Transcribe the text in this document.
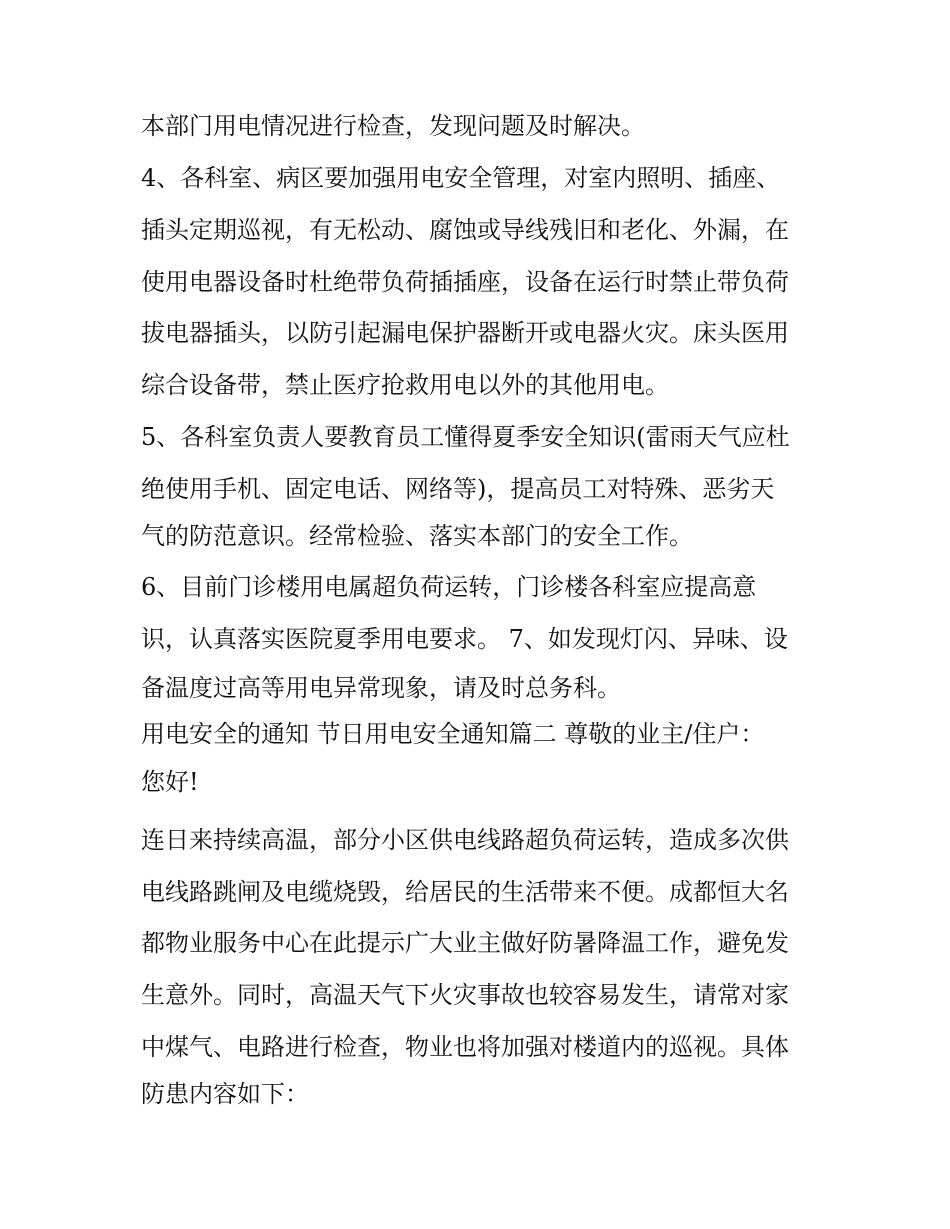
本部门用电情况进行检查，发现问题及时解决。

4、各科室、病区要加强用电安全管理，对室内照明、插座、

插头定期巡视，有无松动、腐蚀或导线残旧和老化、外漏，在

使用电器设备时杜绝带负荷插插座，设备在运行时禁止带负荷

拔电器插头，以防引起漏电保护器断开或电器火灾。床头医用

综合设备带，禁止医疗抢救用电以外的其他用电。

5、各科室负责人要教育员工懂得夏季安全知识(雷雨天气应杜

绝使用手机、固定电话、网络等)，提高员工对特殊、恶劣天

气的防范意识。经常检验、落实本部门的安全工作。

6、目前门诊楼用电属超负荷运转，门诊楼各科室应提高意

识，认真落实医院夏季用电要求。 7、如发现灯闪、异味、设

备温度过高等用电异常现象，请及时总务科。

用电安全的通知 节日用电安全通知篇二 尊敬的业主/住户：

您好!

连日来持续高温，部分小区供电线路超负荷运转，造成多次供

电线路跳闸及电缆烧毁，给居民的生活带来不便。成都恒大名

都物业服务中心在此提示广大业主做好防暑降温工作，避免发

生意外。同时，高温天气下火灾事故也较容易发生，请常对家

中煤气、电路进行检查，物业也将加强对楼道内的巡视。具体

防患内容如下：
